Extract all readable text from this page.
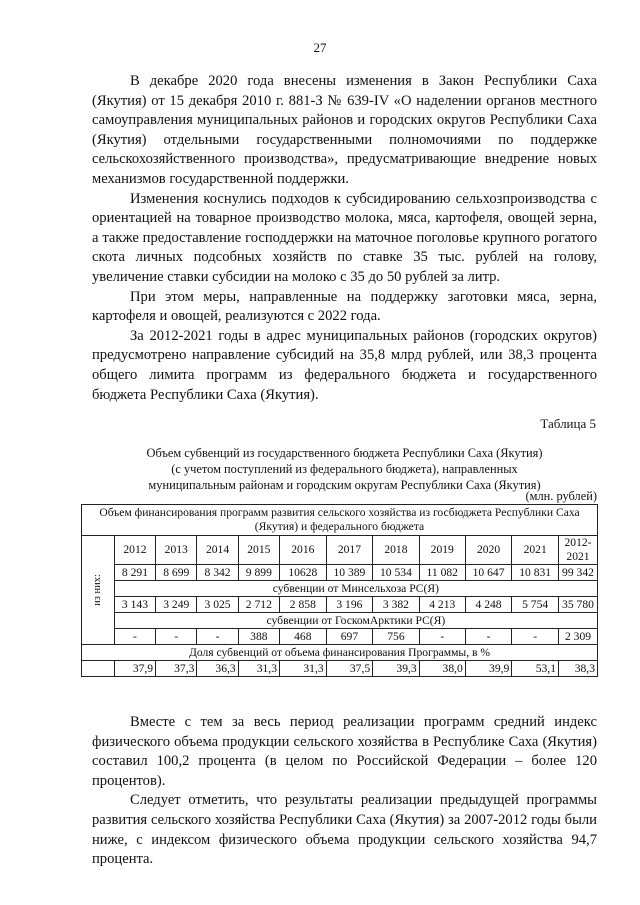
27

В декабре 2020 года внесены изменения в Закон Республики Саха (Якутия) от 15 декабря 2010 г. 881-З № 639-IV «О наделении органов местного самоуправления муниципальных районов и городских округов Республики Саха (Якутия) отдельными государственными полномочиями по поддержке сельскохозяйственного производства», предусматривающие внедрение новых механизмов государственной поддержки.

Изменения коснулись подходов к субсидированию сельхозпроизводства с ориентацией на товарное производство молока, мяса, картофеля, овощей зерна, а также предоставление господдержки на маточное поголовье крупного рогатого скота личных подсобных хозяйств по ставке 35 тыс. рублей на голову, увеличение ставки субсидии на молоко с 35 до 50 рублей за литр.

При этом меры, направленные на поддержку заготовки мяса, зерна, картофеля и овощей, реализуются с 2022 года.

За 2012-2021 годы в адрес муниципальных районов (городских округов) предусмотрено направление субсидий на 35,8 млрд рублей, или 38,3 процента общего лимита программ из федерального бюджета и государственного бюджета Республики Саха (Якутия).

Таблица 5
Объем субвенций из государственного бюджета Республики Саха (Якутия)
(с учетом поступлений из федерального бюджета), направленных
муниципальным районам и городским округам Республики Саха (Якутия)
(млн. рублей)
Объем финансирования программ развития сельского хозяйства из госбюджета Республики Саха (Якутия) и федерального бюджета											
из них:	2012	2013	2014	2015	2016	2017	2018	2019	2020	2021	2012-2021
	8 291	8 699	8 342	9 899	10628	10 389	10 534	11 082	10 647	10 831	99 342
	субвенции от Минсельхоза РС(Я)										
	3 143	3 249	3 025	2 712	2 858	3 196	3 382	4 213	4 248	5 754	35 780
	субвенции от ГоскомАрктики РС(Я)										
	-	-	-	388	468	697	756	-	-	-	2 309
Доля субвенций от объема финансирования Программы, в %											
	37,9	37,3	36,3	31,3	31,3	37,5	39,3	38,0	39,9	53,1	38,3

Вместе с тем за весь период реализации программ средний индекс физического объема продукции сельского хозяйства в Республике Саха (Якутия) составил 100,2 процента (в целом по Российской Федерации – более 120 процентов).

Следует отметить, что результаты реализации предыдущей программы развития сельского хозяйства Республики Саха (Якутия) за 2007-2012 годы были ниже, с индексом физического объема продукции сельского хозяйства 94,7 процента.
